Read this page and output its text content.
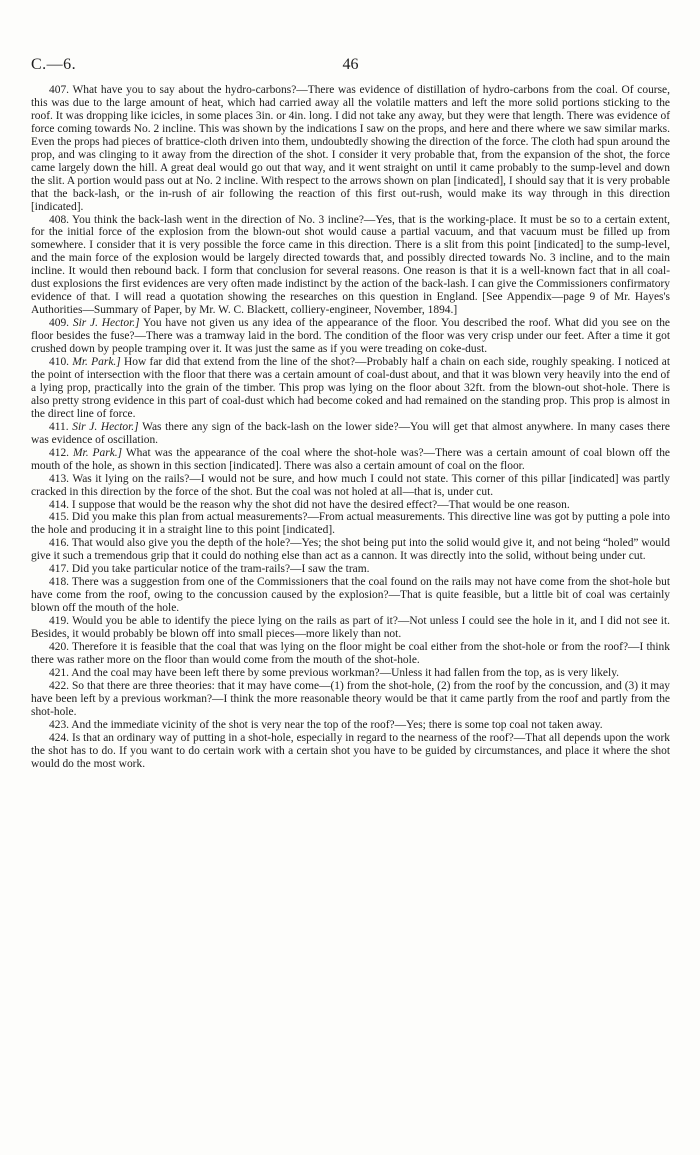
C.—6.	46

407. What have you to say about the hydro-carbons?—There was evidence of distillation of hydro-carbons from the coal. Of course, this was due to the large amount of heat, which had carried away all the volatile matters and left the more solid portions sticking to the roof. It was dropping like icicles, in some places 3in. or 4in. long. I did not take any away, but they were that length. There was evidence of force coming towards No. 2 incline. This was shown by the indications I saw on the props, and here and there where we saw similar marks. Even the props had pieces of brattice-cloth driven into them, undoubtedly showing the direction of the force. The cloth had spun around the prop, and was clinging to it away from the direction of the shot. I consider it very probable that, from the expansion of the shot, the force came largely down the hill. A great deal would go out that way, and it went straight on until it came probably to the sump-level and down the slit. A portion would pass out at No. 2 incline. With respect to the arrows shown on plan [indicated], I should say that it is very probable that the back-lash, or the in-rush of air following the reaction of this first out-rush, would make its way through in this direction [indicated].

408. You think the back-lash went in the direction of No. 3 incline?—Yes, that is the working-place. It must be so to a certain extent, for the initial force of the explosion from the blown-out shot would cause a partial vacuum, and that vacuum must be filled up from somewhere. I consider that it is very possible the force came in this direction. There is a slit from this point [indicated] to the sump-level, and the main force of the explosion would be largely directed towards that, and possibly directed towards No. 3 incline, and to the main incline. It would then rebound back. I form that conclusion for several reasons. One reason is that it is a well-known fact that in all coal-dust explosions the first evidences are very often made indistinct by the action of the back-lash. I can give the Commissioners confirmatory evidence of that. I will read a quotation showing the researches on this question in England. [See Appendix—page 9 of Mr. Hayes's Authorities—Summary of Paper, by Mr. W. C. Blackett, colliery-engineer, November, 1894.]

409. Sir J. Hector.] You have not given us any idea of the appearance of the floor. You described the roof. What did you see on the floor besides the fuse?—There was a tramway laid in the bord. The condition of the floor was very crisp under our feet. After a time it got crushed down by people tramping over it. It was just the same as if you were treading on coke-dust.

410. Mr. Park.] How far did that extend from the line of the shot?—Probably half a chain on each side, roughly speaking. I noticed at the point of intersection with the floor that there was a certain amount of coal-dust about, and that it was blown very heavily into the end of a lying prop, practically into the grain of the timber. This prop was lying on the floor about 32ft. from the blown-out shot-hole. There is also pretty strong evidence in this part of coal-dust which had become coked and had remained on the standing prop. This prop is almost in the direct line of force.

411. Sir J. Hector.] Was there any sign of the back-lash on the lower side?—You will get that almost anywhere. In many cases there was evidence of oscillation.

412. Mr. Park.] What was the appearance of the coal where the shot-hole was?—There was a certain amount of coal blown off the mouth of the hole, as shown in this section [indicated]. There was also a certain amount of coal on the floor.

413. Was it lying on the rails?—I would not be sure, and how much I could not state. This corner of this pillar [indicated] was partly cracked in this direction by the force of the shot. But the coal was not holed at all—that is, under cut.

414. I suppose that would be the reason why the shot did not have the desired effect?—That would be one reason.

415. Did you make this plan from actual measurements?—From actual measurements. This directive line was got by putting a pole into the hole and producing it in a straight line to this point [indicated].

416. That would also give you the depth of the hole?—Yes; the shot being put into the solid would give it, and not being “holed” would give it such a tremendous grip that it could do nothing else than act as a cannon. It was directly into the solid, without being under cut.

417. Did you take particular notice of the tram-rails?—I saw the tram.

418. There was a suggestion from one of the Commissioners that the coal found on the rails may not have come from the shot-hole but have come from the roof, owing to the concussion caused by the explosion?—That is quite feasible, but a little bit of coal was certainly blown off the mouth of the hole.

419. Would you be able to identify the piece lying on the rails as part of it?—Not unless I could see the hole in it, and I did not see it. Besides, it would probably be blown off into small pieces—more likely than not.

420. Therefore it is feasible that the coal that was lying on the floor might be coal either from the shot-hole or from the roof?—I think there was rather more on the floor than would come from the mouth of the shot-hole.

421. And the coal may have been left there by some previous workman?—Unless it had fallen from the top, as is very likely.

422. So that there are three theories: that it may have come—(1) from the shot-hole, (2) from the roof by the concussion, and (3) it may have been left by a previous workman?—I think the more reasonable theory would be that it came partly from the roof and partly from the shot-hole.

423. And the immediate vicinity of the shot is very near the top of the roof?—Yes; there is some top coal not taken away.

424. Is that an ordinary way of putting in a shot-hole, especially in regard to the nearness of the roof?—That all depends upon the work the shot has to do. If you want to do certain work with a certain shot you have to be guided by circumstances, and place it where the shot would do the most work.
